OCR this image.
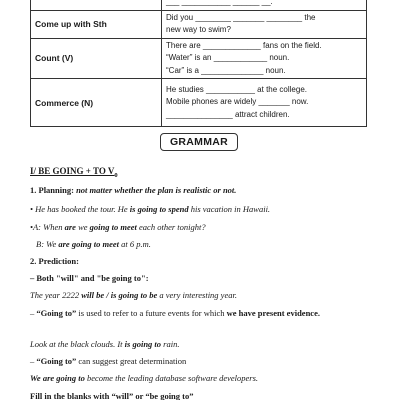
	___ ___________ ______ __.

Come up with Sth	Did you ________ _______ ________ the
new way to swim?

Count (V)	There are _____________ fans on the field.
“Water” is an ____________ noun.
“Car” is a ______________ noun.

Commerce (N)	He studies ___________ at the college.
Mobile phones are widely _______ now.
_______________ attract children.
GRAMMAR
I/ BE GOING + TO $V_0$
1. Planning: not matter whether the plan is realistic or not.
• He has booked the tour. He is going to spend his vacation in Hawaii.
•A: When are we going to meet each other tonight?
B: We are going to meet at 6 p.m.
2. Prediction:
– Both "will" and "be going to":
The year 2222 will be / is going to be a very interesting year.
– “Going to” is used to refer to a future events for which we have present evidence.
Look at the black clouds. It is going to rain.
– “Going to” can suggest great determination
We are going to become the leading database software developers.
Fill in the blanks with “will” or “be going to”
